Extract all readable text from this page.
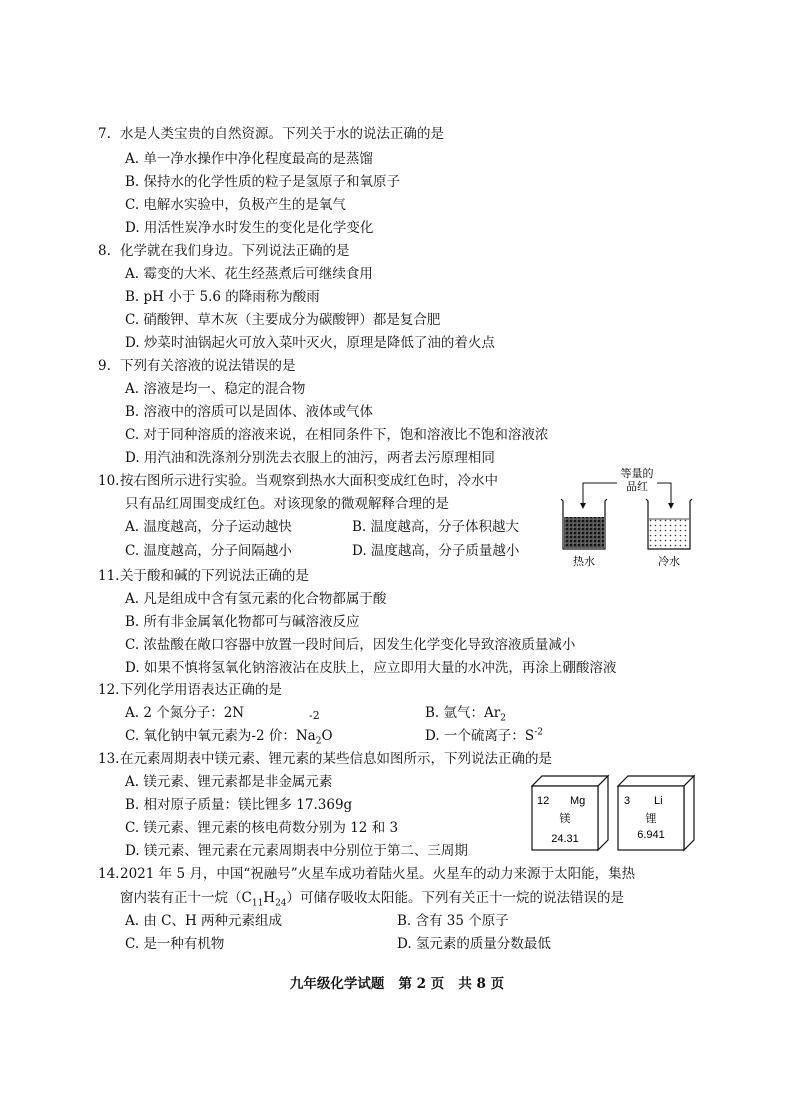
7. 水是人类宝贵的自然资源。下列关于水的说法正确的是
A. 单一净水操作中净化程度最高的是蒸馏
B. 保持水的化学性质的粒子是氢原子和氧原子
C. 电解水实验中，负极产生的是氧气
D. 用活性炭净水时发生的变化是化学变化
8. 化学就在我们身边。下列说法正确的是
A. 霉变的大米、花生经蒸煮后可继续食用
B. pH 小于 5.6 的降雨称为酸雨
C. 硝酸钾、草木灰（主要成分为碳酸钾）都是复合肥
D. 炒菜时油锅起火可放入菜叶灭火，原理是降低了油的着火点
9. 下列有关溶液的说法错误的是
A. 溶液是均一、稳定的混合物
B. 溶液中的溶质可以是固体、液体或气体
C. 对于同种溶质的溶液来说，在相同条件下，饱和溶液比不饱和溶液浓
D. 用汽油和洗涤剂分别洗去衣服上的油污，两者去污原理相同
10.按右图所示进行实验。当观察到热水大面积变成红色时，冷水中
只有品红周围变成红色。对该现象的微观解释合理的是
A. 温度越高，分子运动越快	B. 温度越高，分子体积越大
C. 温度越高，分子间隔越小	D. 温度越高，分子质量越小
等量的
品红
热水	冷水
11.关于酸和碱的下列说法正确的是
A. 凡是组成中含有氢元素的化合物都属于酸
B. 所有非金属氧化物都可与碱溶液反应
C. 浓盐酸在敞口容器中放置一段时间后，因发生化学变化导致溶液质量减小
D. 如果不慎将氢氧化钠溶液沾在皮肤上，应立即用大量的水冲洗，再涂上硼酸溶液
12.下列化学用语表达正确的是
A. 2 个氮分子：2N	B. 氩气：$Ar_2$
C. 氧化钠中氧元素为-2 价：$Na_2O$
-2
D. 一个硫离子：$S^{-2}$
13.在元素周期表中镁元素、锂元素的某些信息如图所示，下列说法正确的是
A. 镁元素、锂元素都是非金属元素
B. 相对原子质量：镁比锂多 17.369g
C. 镁元素、锂元素的核电荷数分别为 12 和 3
D. 镁元素、锂元素在元素周期表中分别位于第二、三周期
12 Mg
镁
24.31
3 Li
锂
6.941
14.2021 年 5 月，中国“祝融号”火星车成功着陆火星。火星车的动力来源于太阳能，集热
窗内装有正十一烷$(C_{11}H_{24})$可储存吸收太阳能。下列有关正十一烷的说法错误的是
A. 由 C、H 两种元素组成	B. 含有 35 个原子
C. 是一种有机物	D. 氢元素的质量分数最低
九年级化学试题   第 2 页   共 8 页
